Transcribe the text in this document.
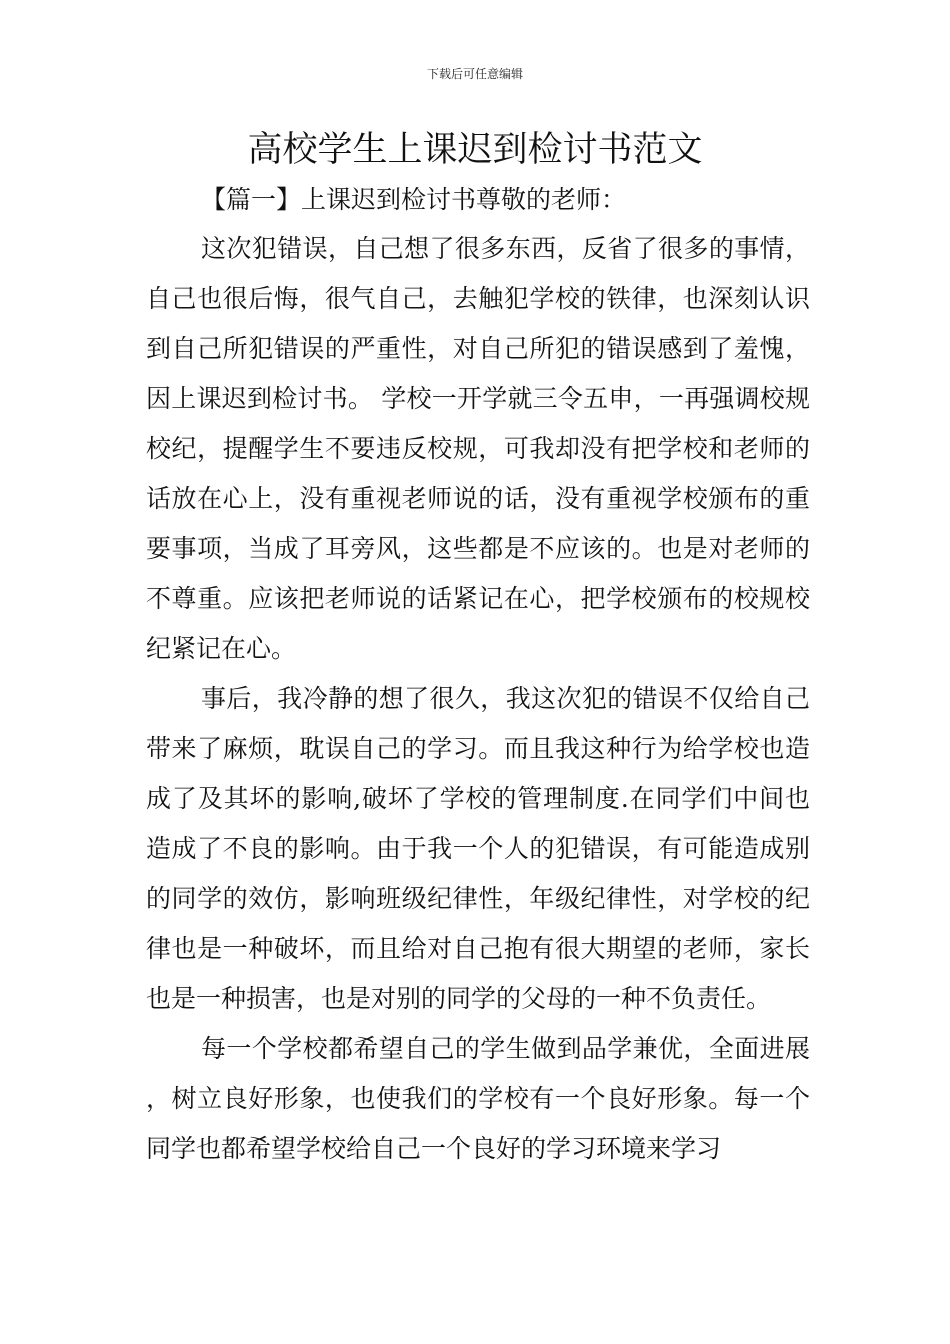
下载后可任意编辑
高校学生上课迟到检讨书范文

【篇一】上课迟到检讨书尊敬的老师：

这次犯错误，自己想了很多东西，反省了很多的事情，自己也很后悔，很气自己，去触犯学校的铁律，也深刻认识到自己所犯错误的严重性，对自己所犯的错误感到了羞愧，因上课迟到检讨书。 学校一开学就三令五申，一再强调校规校纪，提醒学生不要违反校规，可我却没有把学校和老师的话放在心上，没有重视老师说的话，没有重视学校颁布的重要事项，当成了耳旁风，这些都是不应该的。也是对老师的不尊重。应该把老师说的话紧记在心，把学校颁布的校规校纪紧记在心。

事后，我冷静的想了很久，我这次犯的错误不仅给自己带来了麻烦，耽误自己的学习。而且我这种行为给学校也造成了及其坏的影响,破坏了学校的管理制度.在同学们中间也造成了不良的影响。由于我一个人的犯错误，有可能造成别的同学的效仿，影响班级纪律性，年级纪律性，对学校的纪律也是一种破坏，而且给对自己抱有很大期望的老师，家长也是一种损害，也是对别的同学的父母的一种不负责任。

每一个学校都希望自己的学生做到品学兼优，全面进展，树立良好形象，也使我们的学校有一个良好形象。每一个同学也都希望学校给自己一个良好的学习环境来学习
